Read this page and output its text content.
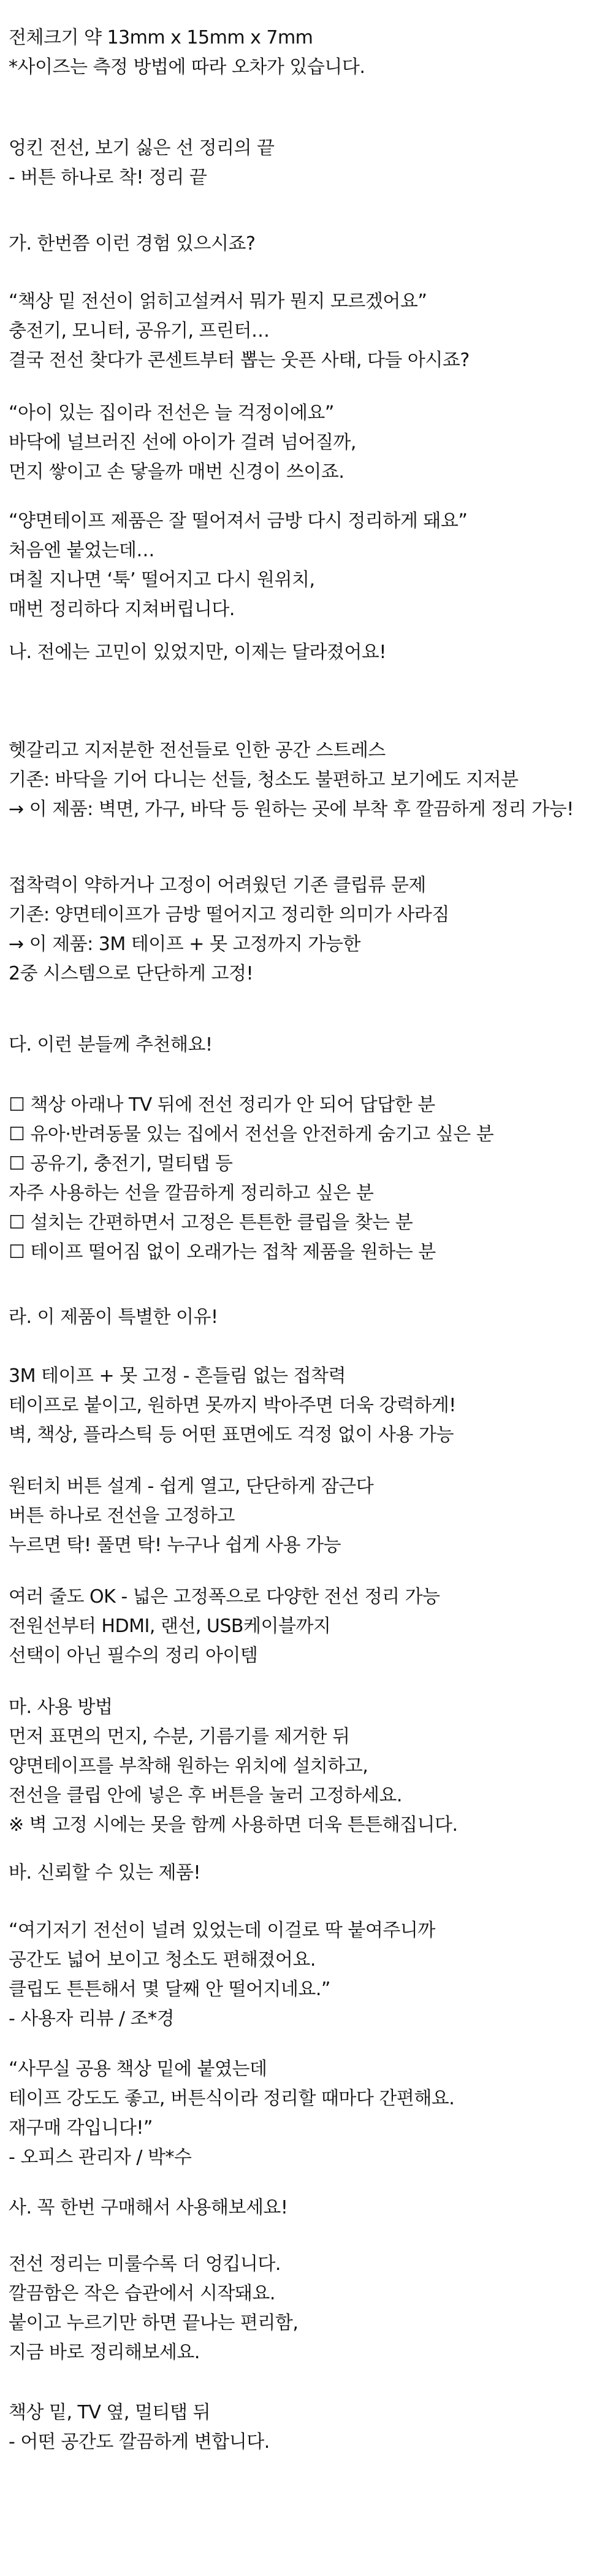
전체크기 약 13mm x 15mm x 7mm
*사이즈는 측정 방법에 따라 오차가 있습니다.
엉킨 전선, 보기 싫은 선 정리의 끝
- 버튼 하나로 착! 정리 끝
가. 한번쯤 이런 경험 있으시죠?
“책상 밑 전선이 얽히고설켜서 뭐가 뭔지 모르겠어요”
충전기, 모니터, 공유기, 프린터…
결국 전선 찾다가 콘센트부터 뽑는 웃픈 사태, 다들 아시죠?
“아이 있는 집이라 전선은 늘 걱정이에요”
바닥에 널브러진 선에 아이가 걸려 넘어질까,
먼지 쌓이고 손 닿을까 매번 신경이 쓰이죠.
“양면테이프 제품은 잘 떨어져서 금방 다시 정리하게 돼요”
처음엔 붙었는데…
며칠 지나면 ‘툭’ 떨어지고 다시 원위치,
매번 정리하다 지쳐버립니다.
나. 전에는 고민이 있었지만, 이제는 달라졌어요!
헷갈리고 지저분한 전선들로 인한 공간 스트레스
기존: 바닥을 기어 다니는 선들, 청소도 불편하고 보기에도 지저분
→ 이 제품: 벽면, 가구, 바닥 등 원하는 곳에 부착 후 깔끔하게 정리 가능!
접착력이 약하거나 고정이 어려웠던 기존 클립류 문제
기존: 양면테이프가 금방 떨어지고 정리한 의미가 사라짐
→ 이 제품: 3M 테이프 + 못 고정까지 가능한
2중 시스템으로 단단하게 고정!
다. 이런 분들께 추천해요!
☐ 책상 아래나 TV 뒤에 전선 정리가 안 되어 답답한 분
☐ 유아·반려동물 있는 집에서 전선을 안전하게 숨기고 싶은 분
☐ 공유기, 충전기, 멀티탭 등
자주 사용하는 선을 깔끔하게 정리하고 싶은 분
☐ 설치는 간편하면서 고정은 튼튼한 클립을 찾는 분
☐ 테이프 떨어짐 없이 오래가는 접착 제품을 원하는 분
라. 이 제품이 특별한 이유!
3M 테이프 + 못 고정 - 흔들림 없는 접착력
테이프로 붙이고, 원하면 못까지 박아주면 더욱 강력하게!
벽, 책상, 플라스틱 등 어떤 표면에도 걱정 없이 사용 가능
원터치 버튼 설계 - 쉽게 열고, 단단하게 잠근다
버튼 하나로 전선을 고정하고
누르면 탁! 풀면 탁! 누구나 쉽게 사용 가능
여러 줄도 OK - 넓은 고정폭으로 다양한 전선 정리 가능
전원선부터 HDMI, 랜선, USB케이블까지
선택이 아닌 필수의 정리 아이템
마. 사용 방법
먼저 표면의 먼지, 수분, 기름기를 제거한 뒤
양면테이프를 부착해 원하는 위치에 설치하고,
전선을 클립 안에 넣은 후 버튼을 눌러 고정하세요.
※ 벽 고정 시에는 못을 함께 사용하면 더욱 튼튼해집니다.
바. 신뢰할 수 있는 제품!
“여기저기 전선이 널려 있었는데 이걸로 딱 붙여주니까
공간도 넓어 보이고 청소도 편해졌어요.
클립도 튼튼해서 몇 달째 안 떨어지네요.”
- 사용자 리뷰 / 조*경
“사무실 공용 책상 밑에 붙였는데
테이프 강도도 좋고, 버튼식이라 정리할 때마다 간편해요.
재구매 각입니다!”
- 오피스 관리자 / 박*수
사. 꼭 한번 구매해서 사용해보세요!
전선 정리는 미룰수록 더 엉킵니다.
깔끔함은 작은 습관에서 시작돼요.
붙이고 누르기만 하면 끝나는 편리함,
지금 바로 정리해보세요.
책상 밑, TV 옆, 멀티탭 뒤
- 어떤 공간도 깔끔하게 변합니다.
